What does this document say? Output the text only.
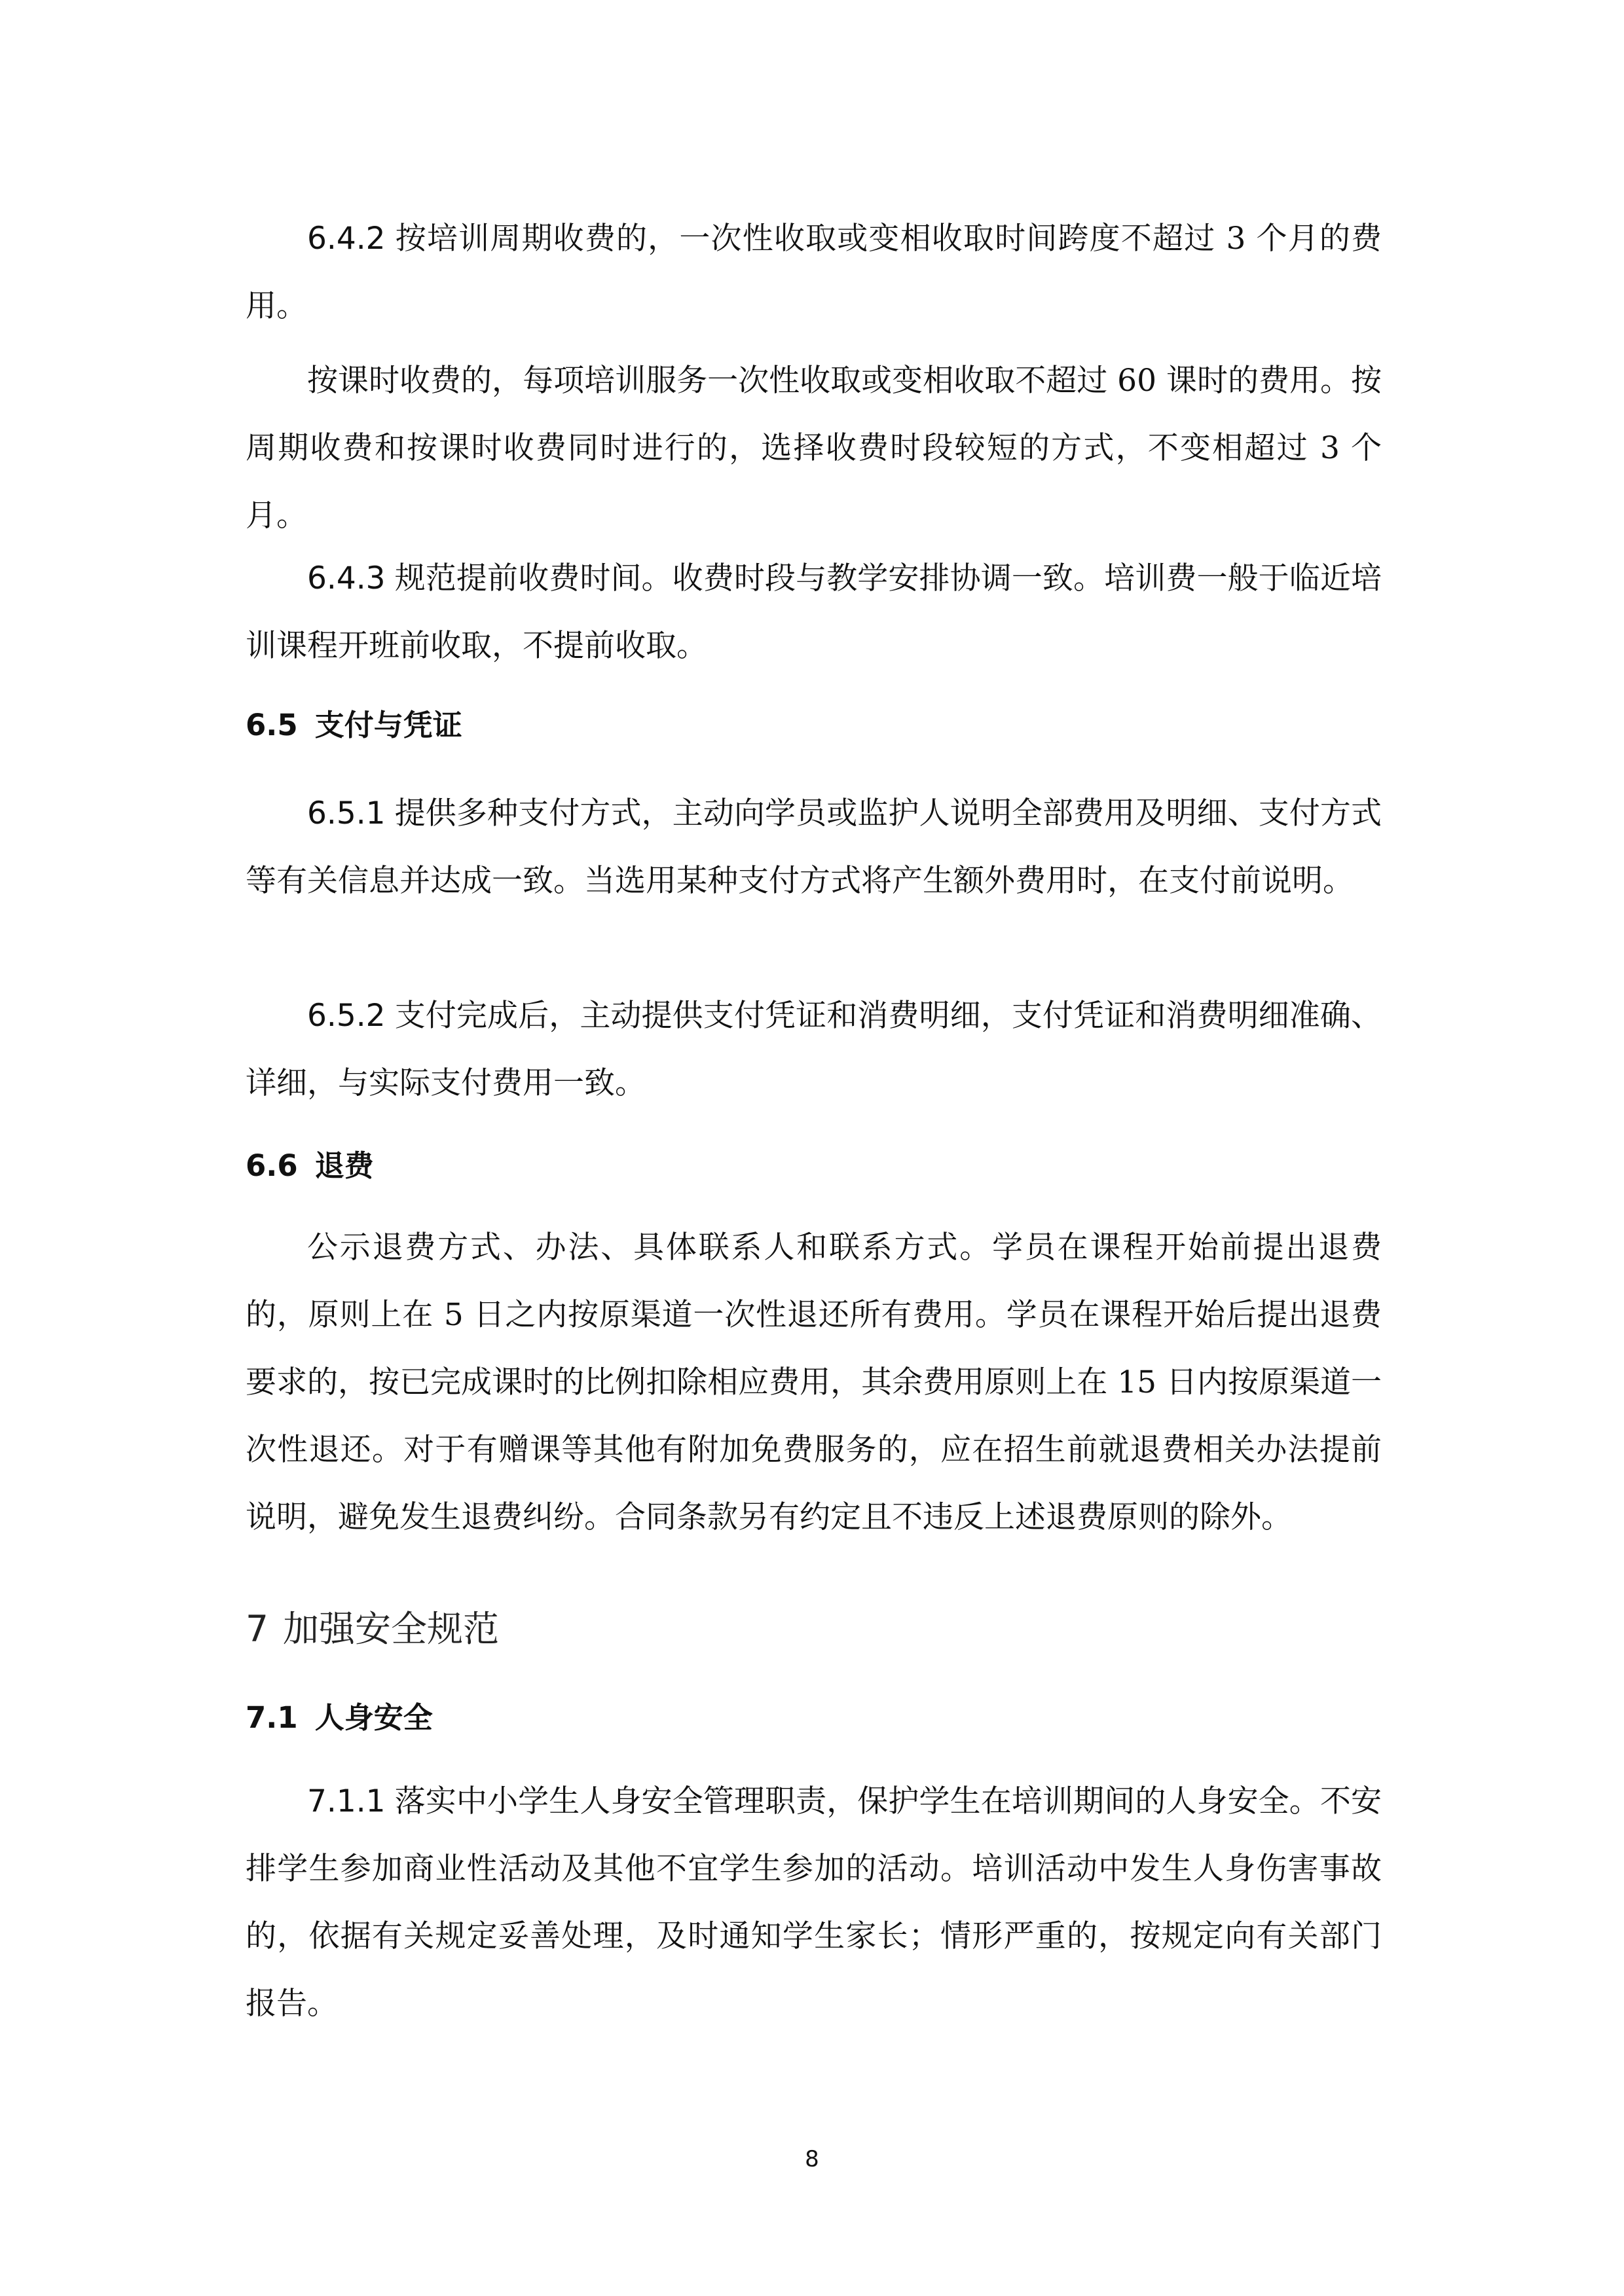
6.4.2 按培训周期收费的，一次性收取或变相收取时间跨度不超过 3 个月的费用。

按课时收费的，每项培训服务一次性收取或变相收取不超过 60 课时的费用。按周期收费和按课时收费同时进行的，选择收费时段较短的方式，不变相超过 3 个月。

6.4.3 规范提前收费时间。收费时段与教学安排协调一致。培训费一般于临近培训课程开班前收取，不提前收取。

6.5 支付与凭证

6.5.1 提供多种支付方式，主动向学员或监护人说明全部费用及明细、支付方式等有关信息并达成一致。当选用某种支付方式将产生额外费用时，在支付前说明。

6.5.2 支付完成后，主动提供支付凭证和消费明细，支付凭证和消费明细准确、详细，与实际支付费用一致。

6.6 退费

公示退费方式、办法、具体联系人和联系方式。学员在课程开始前提出退费的，原则上在 5 日之内按原渠道一次性退还所有费用。学员在课程开始后提出退费要求的，按已完成课时的比例扣除相应费用，其余费用原则上在 15 日内按原渠道一次性退还。对于有赠课等其他有附加免费服务的，应在招生前就退费相关办法提前说明，避免发生退费纠纷。合同条款另有约定且不违反上述退费原则的除外。

7 加强安全规范
7.1 人身安全

7.1.1 落实中小学生人身安全管理职责，保护学生在培训期间的人身安全。不安排学生参加商业性活动及其他不宜学生参加的活动。培训活动中发生人身伤害事故的，依据有关规定妥善处理，及时通知学生家长；情形严重的，按规定向有关部门报告。

8
